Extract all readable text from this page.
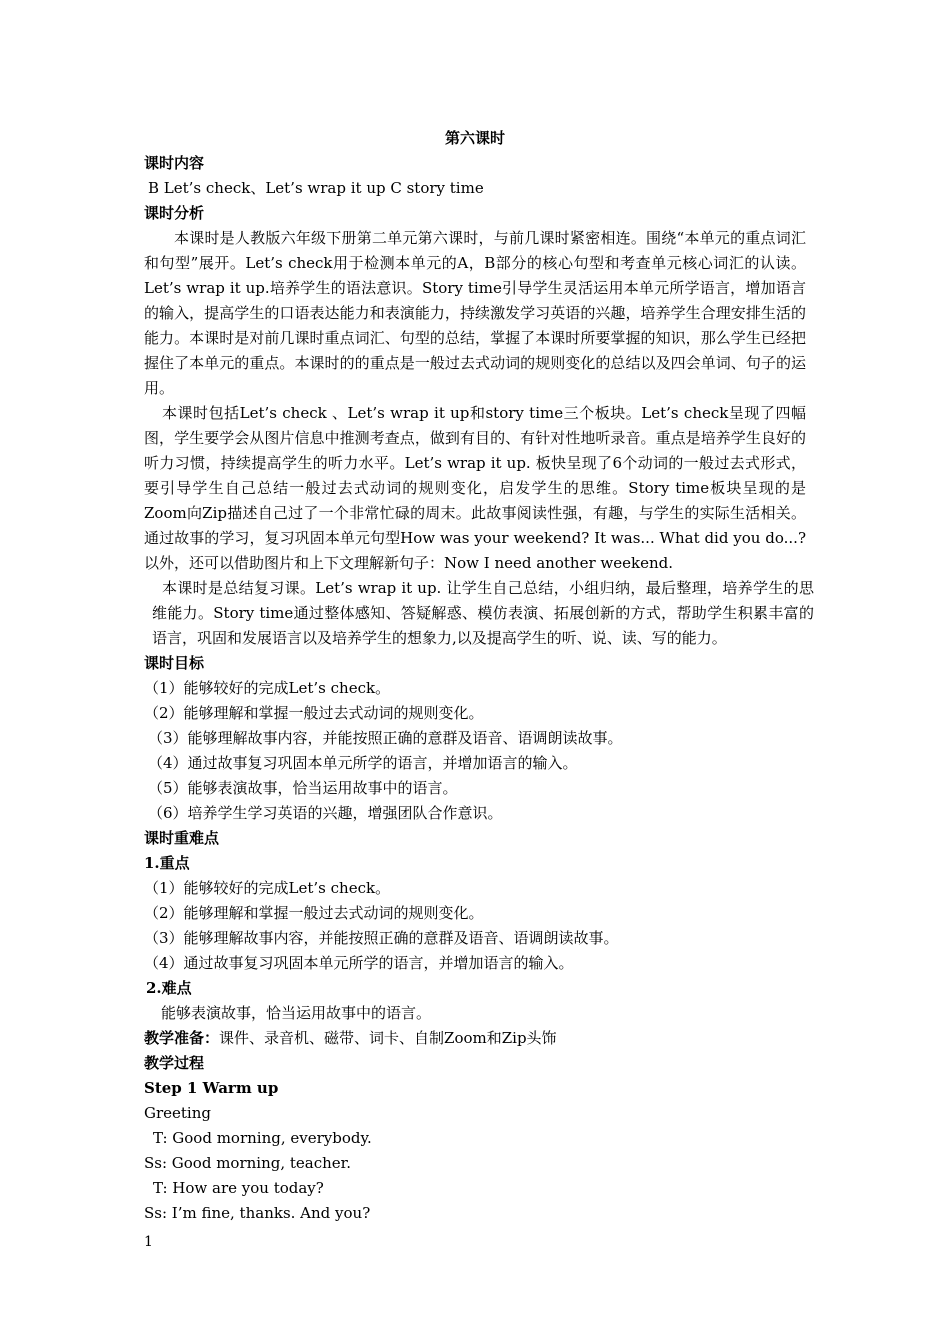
第六课时
课时内容
B Let’s check、Let’s wrap it up C story time
课时分析

本课时是人教版六年级下册第二单元第六课时，与前几课时紧密相连。围绕“本单元的重点词汇和句型”展开。Let’s check用于检测本单元的A，B部分的核心句型和考查单元核心词汇的认读。Let’s wrap it up.培养学生的语法意识。Story time引导学生灵活运用本单元所学语言，增加语言的输入，提高学生的口语表达能力和表演能力，持续激发学习英语的兴趣，培养学生合理安排生活的能力。本课时是对前几课时重点词汇、句型的总结，掌握了本课时所要掌握的知识，那么学生已经把握住了本单元的重点。本课时的的重点是一般过去式动词的规则变化的总结以及四会单词、句子的运用。

本课时包括Let’s check 、Let’s wrap it up和story time三个板块。Let’s check呈现了四幅图，学生要学会从图片信息中推测考查点，做到有目的、有针对性地听录音。重点是培养学生良好的听力习惯，持续提高学生的听力水平。Let’s wrap it up. 板快呈现了6个动词的一般过去式形式，要引导学生自己总结一般过去式动词的规则变化，启发学生的思维。Story time板块呈现的是Zoom向Zip描述自己过了一个非常忙碌的周末。此故事阅读性强，有趣，与学生的实际生活相关。通过故事的学习，复习巩固本单元句型How was your weekend? It was... What did you do...?以外，还可以借助图片和上下文理解新句子：Now I need another weekend.

本课时是总结复习课。Let’s wrap it up. 让学生自己总结，小组归纳，最后整理，培养学生的思维能力。Story time通过整体感知、答疑解惑、模仿表演、拓展创新的方式，帮助学生积累丰富的语言，巩固和发展语言以及培养学生的想象力,以及提高学生的听、说、读、写的能力。

课时目标
（1）能够较好的完成Let’s check。
（2）能够理解和掌握一般过去式动词的规则变化。
（3）能够理解故事内容，并能按照正确的意群及语音、语调朗读故事。
（4）通过故事复习巩固本单元所学的语言，并增加语言的输入。
（5）能够表演故事，恰当运用故事中的语言。
（6）培养学生学习英语的兴趣，增强团队合作意识。
课时重难点
1.重点
（1）能够较好的完成Let’s check。
（2）能够理解和掌握一般过去式动词的规则变化。
（3）能够理解故事内容，并能按照正确的意群及语音、语调朗读故事。
（4）通过故事复习巩固本单元所学的语言，并增加语言的输入。
2.难点
能够表演故事，恰当运用故事中的语言。
教学准备：课件、录音机、磁带、词卡、自制Zoom和Zip头饰
教学过程
Step 1 Warm up
Greeting
T: Good morning, everybody.
Ss: Good morning, teacher.
T: How are you today?
Ss: I’m fine, thanks. And you?
1
